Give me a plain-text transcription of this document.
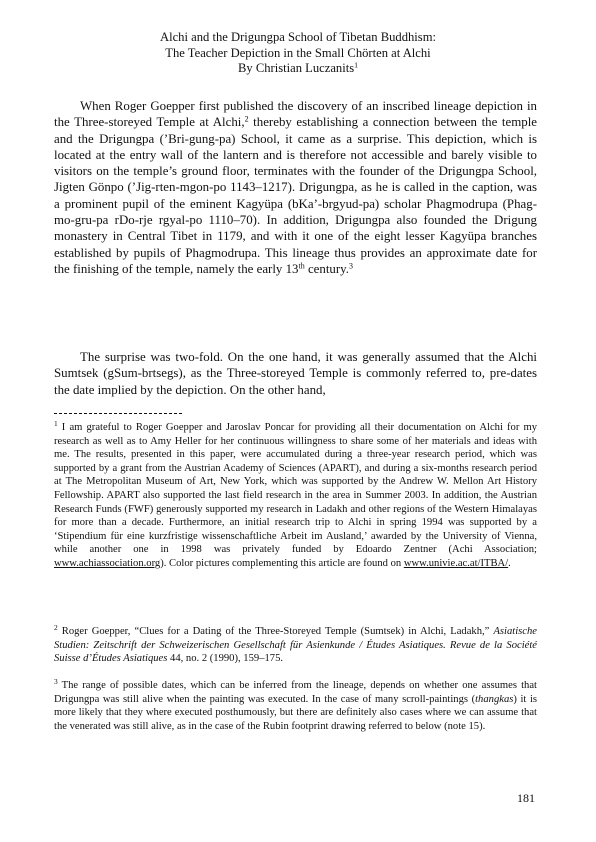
Alchi and the Drigungpa School of Tibetan Buddhism:
The Teacher Depiction in the Small Chörten at Alchi
By Christian Luczanits$^1$
When Roger Goepper first published the discovery of an inscribed lineage depiction in the Three-storeyed Temple at Alchi,$^2$ thereby establishing a connection between the temple and the Drigungpa (’Bri-gung-pa) School, it came as a surprise. This depiction, which is located at the entry wall of the lantern and is therefore not accessible and barely visible to visitors on the temple’s ground floor, terminates with the founder of the Drigungpa School, Jigten Gönpo (’Jig-rten-mgon-po 1143–1217). Drigungpa, as he is called in the caption, was a prominent pupil of the eminent Kagyüpa (bKa’-brgyud-pa) scholar Phagmodrupa (Phag-mo-gru-pa rDo-rje rgyal-po 1110–70). In addition, Drigungpa also founded the Drigung monastery in Central Tibet in 1179, and with it one of the eight lesser Kagyüpa branches established by pupils of Phagmodrupa. This lineage thus provides an approximate date for the finishing of the temple, namely the early 13th century.$^3$
The surprise was two-fold. On the one hand, it was generally assumed that the Alchi Sumtsek (gSum-brtsegs), as the Three-storeyed Temple is commonly referred to, pre-dates the date implied by the depiction. On the other hand,
$^1$ I am grateful to Roger Goepper and Jaroslav Poncar for providing all their documentation on Alchi for my research as well as to Amy Heller for her continuous willingness to share some of her materials and ideas with me. The results, presented in this paper, were accumulated during a three-year research period, which was supported by a grant from the Austrian Academy of Sciences (APART), and during a six-months research period at The Metropolitan Museum of Art, New York, which was supported by the Andrew W. Mellon Art History Fellowship. APART also supported the last field research in the area in Summer 2003. In addition, the Austrian Research Funds (FWF) generously supported my research in Ladakh and other regions of the Western Himalayas for more than a decade. Furthermore, an initial research trip to Alchi in spring 1994 was supported by a ‘Stipendium für eine kurzfristige wissenschaftliche Arbeit im Ausland,’ awarded by the University of Vienna, while another one in 1998 was privately funded by Edoardo Zentner (Achi Association; www.achiassociation.org). Color pictures complementing this article are found on www.univie.ac.at/ITBA/.
$^2$ Roger Goepper, “Clues for a Dating of the Three-Storeyed Temple (Sumtsek) in Alchi, Ladakh,” Asiatische Studien: Zeitschrift der Schweizerischen Gesellschaft für Asienkunde / Études Asiatiques. Revue de la Société Suisse d’Études Asiatiques 44, no. 2 (1990), 159–175.
$^3$ The range of possible dates, which can be inferred from the lineage, depends on whether one assumes that Drigungpa was still alive when the painting was executed. In the case of many scroll-paintings (thangkas) it is more likely that they where executed posthumously, but there are definitely also cases where we can assume that the venerated was still alive, as in the case of the Rubin footprint drawing referred to below (note 15).
181
